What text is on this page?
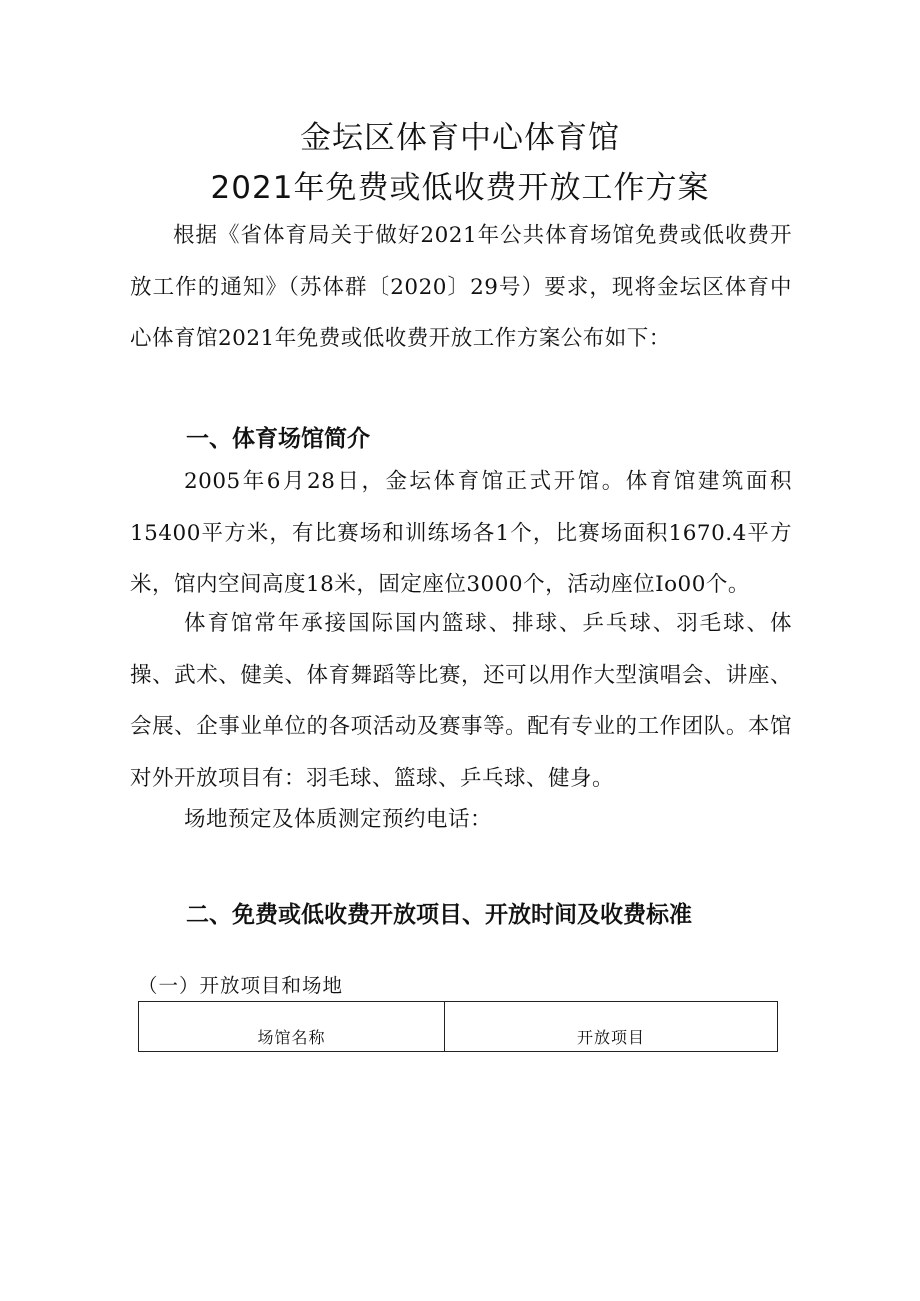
金坛区体育中心体育馆
2021年免费或低收费开放工作方案

根据《省体育局关于做好2021年公共体育场馆免费或低收费开放工作的通知》（苏体群〔2020〕29号）要求，现将金坛区体育中心体育馆2021年免费或低收费开放工作方案公布如下：

一、体育场馆简介

2005年6月28日，金坛体育馆正式开馆。体育馆建筑面积15400平方米，有比赛场和训练场各1个，比赛场面积1670.4平方米，馆内空间高度18米，固定座位3000个，活动座位Io00个。

体育馆常年承接国际国内篮球、排球、乒乓球、羽毛球、体操、武术、健美、体育舞蹈等比赛，还可以用作大型演唱会、讲座、会展、企事业单位的各项活动及赛事等。配有专业的工作团队。本馆对外开放项目有：羽毛球、篮球、乒乓球、健身。

场地预定及体质测定预约电话：

二、免费或低收费开放项目、开放时间及收费标准

（一）开放项目和场地

场馆名称	开放项目
